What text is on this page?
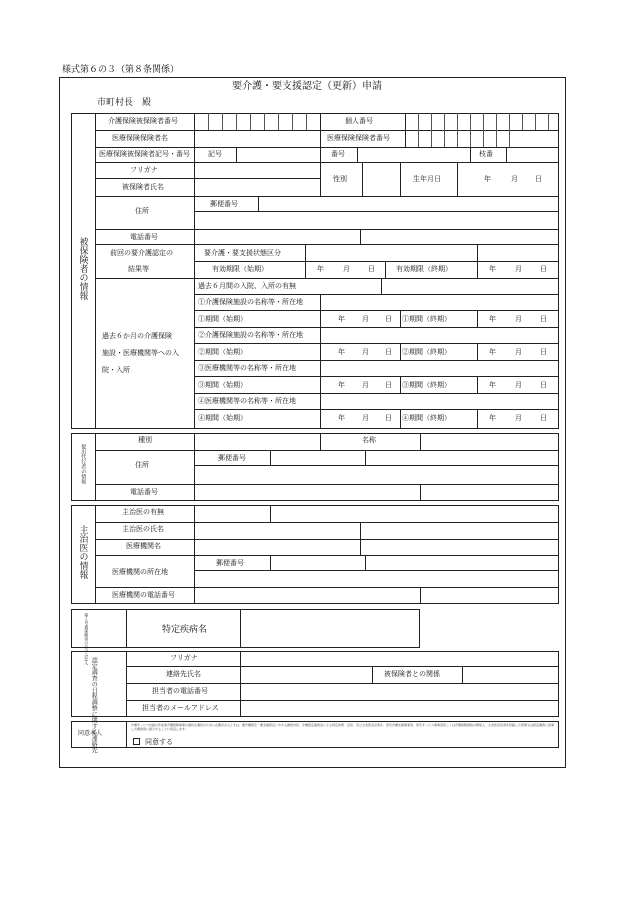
様式第６の３（第８条関係）
要介護・要支援認定（更新）申請
市町村長　殿
被保険者の情報
介護保険被保険者番号	個人番号
医療保険保険者名	医療保険保険者番号
医療保険被保険者記号・番号	記号	番号	枝番
フリガナ
被保険者氏名
性別	生年月日	年	月 日
住所
郵便番号
電話番号
前回の要介護認定の
結果等
要介護・要支援状態区分
有効期限（始期）	年	月	日	有効期限（終期）	年	月	日
過去６か月の介護保険
施設・医療機関等への入
院・入所
過去６月間の入院、入所の有無
①介護保険施設の名称等・所在地
①期間（始期）	年 月 日 ①期間（終期）	年	月	日
②介護保険施設の名称等・所在地
②期間（始期）	年 月 日 ②期間（終期）	年	月	日
③医療機関等の名称等・所在地
③期間（始期）	年 月 日 ③期間（終期）	年	月	日
④医療機関等の名称等・所在地
④期間（始期）	年 月 日 ④期間（終期）	年	月	日
提出代行者の情報
種別	名称
住所
郵便番号
電話番号
主治医の情報
主治医の有無
主治医の氏名
医療機関名
医療機関の所在地
郵便番号
医療機関の電話番号
第２号被保険者の方のみ記入	特定疾病名
認定調査の日程調整に関する連絡先	フリガナ
連絡先氏名	被保険者との関係
担当者の電話番号
担当者のメールアドレス
同意本人
介護サービス計画の作成等介護保険事業の適切な運営のために必要があるときは、要介護認定・要支援認定にかかる調査内容、介護認定審査会による判定結果・意見、及び主治医意見書を、居宅介護支援事業者、居宅サービス事業者若しくは介護保険施設の関係人、主治医意見書を記載した医師又は認定調査に従事した調査員に提示することに同意します。
同意する
